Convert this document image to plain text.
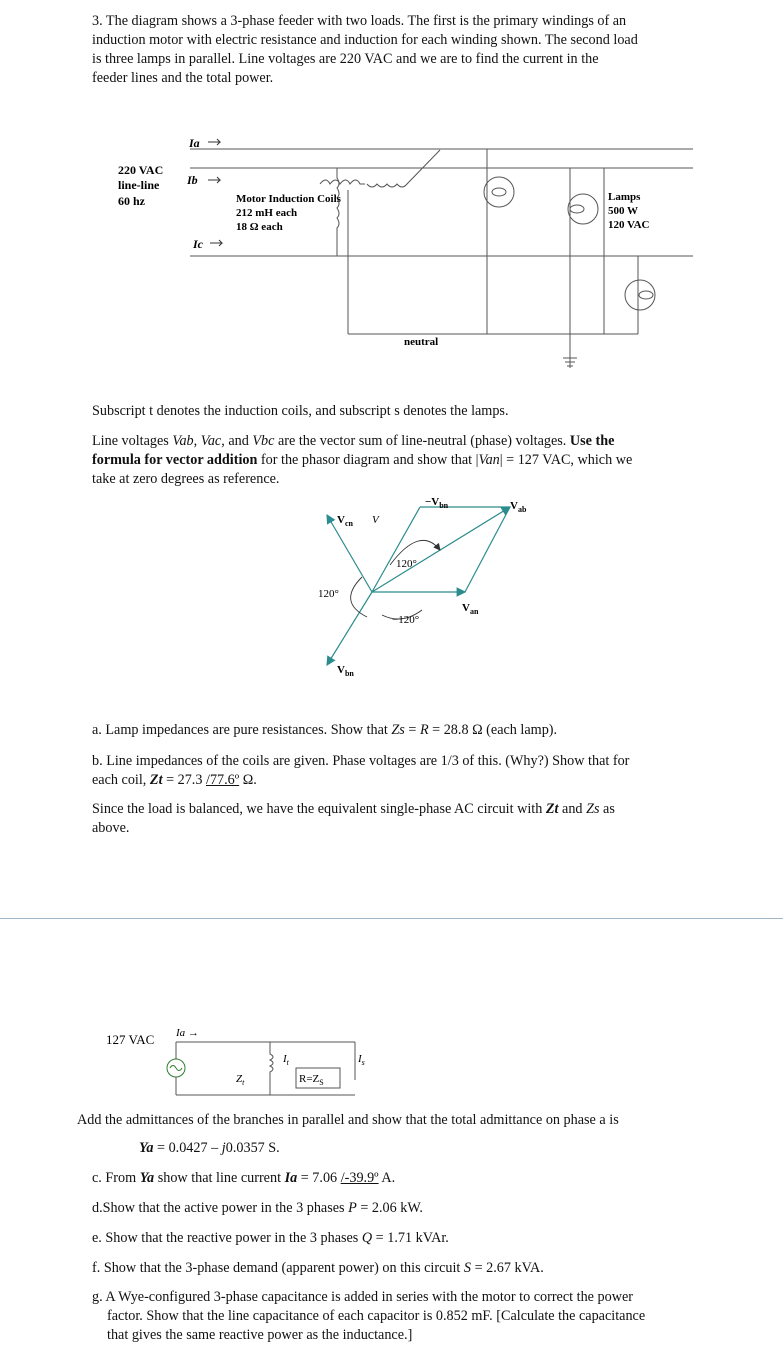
3. The diagram shows a 3-phase feeder with two loads. The first is the primary windings of an
induction motor with electric resistance and induction for each winding shown. The second load
is three lamps in parallel. Line voltages are 220 VAC and we are to find the current in the
feeder lines and the total power.
220 VAC
line-line
60 hz
Ia
Ib
Ic
Motor Induction Coils
212 mH each
18 Ω each
Lamps
500 W
120 VAC
neutral
Subscript t denotes the induction coils, and subscript s denotes the lamps.
Line voltages Vab, Vac, and Vbc are the vector sum of line-neutral (phase) voltages. Use the
formula for vector addition for the phasor diagram and show that |Van| = 127 VAC, which we
take at zero degrees as reference.
$V_{cn}$ V
$-V_{bn}$	$V_{ab}$
120°
120°
−120°
$V_{an}$
$V_{bn}$
a. Lamp impedances are pure resistances. Show that Zs = R = 28.8 Ω (each lamp).
b. Line impedances of the coils are given. Phase voltages are 1/3 of this. (Why?) Show that for
each coil, Zt = 27.3 /77.6º Ω.
Since the load is balanced, we have the equivalent single-phase AC circuit with Zt and Zs as
above.
127 VAC Ia →
$Z_t$
$I_t$
$R=Z_S$
$I_s$
Add the admittances of the branches in parallel and show that the total admittance on phase a is
Ya = 0.0427 – j0.0357 S.
c. From Ya show that line current Ia = 7.06 /-39.9º A.
d.Show that the active power in the 3 phases P = 2.06 kW.
e. Show that the reactive power in the 3 phases Q = 1.71 kVAr.
f. Show that the 3-phase demand (apparent power) on this circuit S = 2.67 kVA.
g. A Wye-configured 3-phase capacitance is added in series with the motor to correct the power
factor. Show that the line capacitance of each capacitor is 0.852 mF. [Calculate the capacitance
that gives the same reactive power as the inductance.]
